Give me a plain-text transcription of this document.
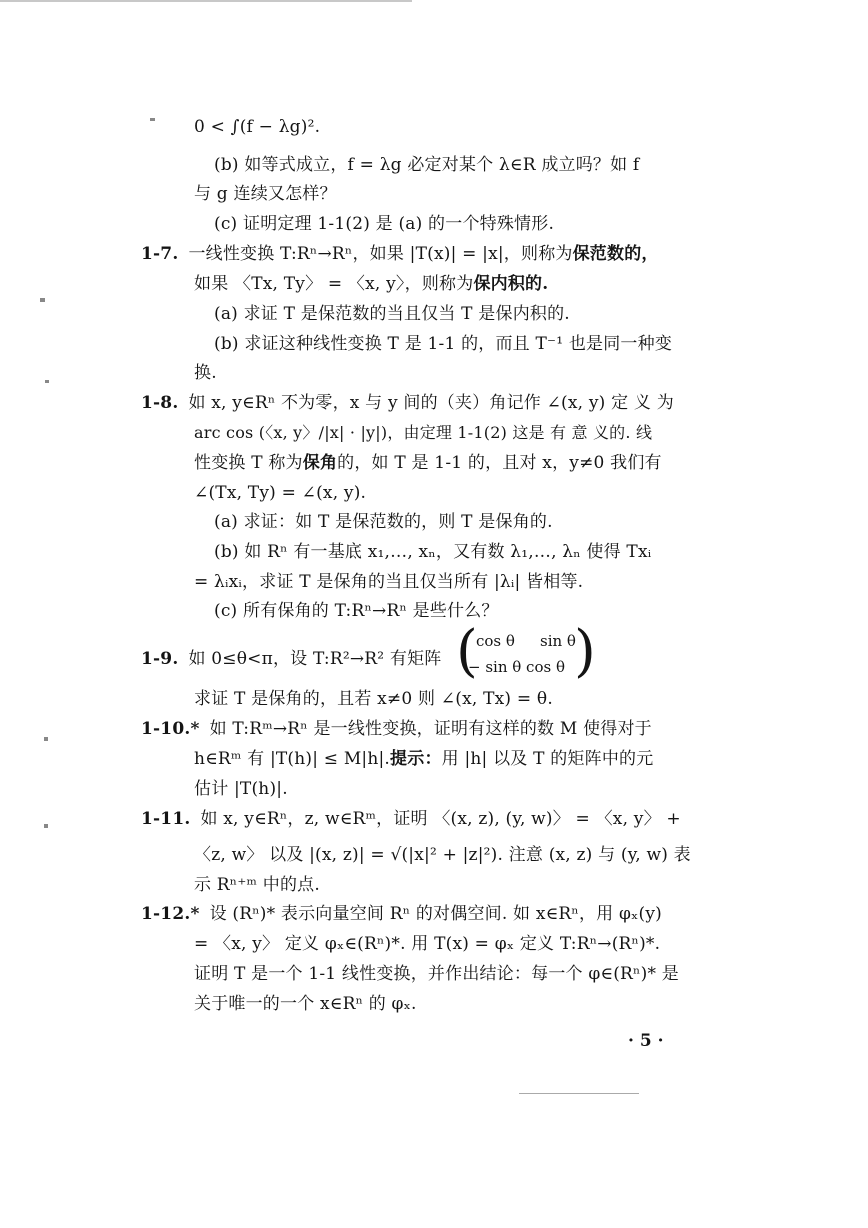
0 < ∫(f − λg)².
(b) 如等式成立，f = λg 必定对某个 λ∈R 成立吗？如 f
与 g 连续又怎样？
(c) 证明定理 1-1(2) 是 (a) 的一个特殊情形.
1-7. 一线性变换 T:Rⁿ→Rⁿ，如果 |T(x)| = |x|，则称为保范数的，
如果 〈Tx, Ty〉 = 〈x, y〉，则称为保内积的.
(a) 求证 T 是保范数的当且仅当 T 是保内积的.
(b) 求证这种线性变换 T 是 1-1 的，而且 T⁻¹ 也是同一种变
换.
1-8. 如 x, y∈Rⁿ 不为零，x 与 y 间的（夹）角记作 ∠(x, y) 定 义 为
arc cos (〈x, y〉/|x| · |y|)，由定理 1-1(2) 这是 有 意 义的. 线
性变换 T 称为保角的，如 T 是 1-1 的，且对 x，y≠0 我们有
∠(Tx, Ty) = ∠(x, y).
(a) 求证：如 T 是保范数的，则 T 是保角的.
(b) 如 Rⁿ 有一基底 x₁,…, xₙ，又有数 λ₁,…, λₙ 使得 Txᵢ
= λᵢxᵢ，求证 T 是保角的当且仅当所有 |λᵢ| 皆相等.
(c) 所有保角的 T:Rⁿ→Rⁿ 是些什么？
1-9. 如 0≤θ<π，设 T:R²→R² 有矩阵 (
cos θ sin θ
− sin θ cos θ )
求证 T 是保角的，且若 x≠0 则 ∠(x, Tx) = θ.
1-10.* 如 T:Rᵐ→Rⁿ 是一线性变换，证明有这样的数 M 使得对于
h∈Rᵐ 有 |T(h)| ≤ M|h|.提示：用 |h| 以及 T 的矩阵中的元
估计 |T(h)|.
1-11. 如 x, y∈Rⁿ，z, w∈Rᵐ，证明 〈(x, z), (y, w)〉 = 〈x, y〉 +
〈z, w〉 以及 |(x, z)| = √(|x|² + |z|²). 注意 (x, z) 与 (y, w) 表
示 Rⁿ⁺ᵐ 中的点.
1-12.* 设 (Rⁿ)* 表示向量空间 Rⁿ 的对偶空间. 如 x∈Rⁿ，用 φₓ(y)
= 〈x, y〉 定义 φₓ∈(Rⁿ)*. 用 T(x) = φₓ 定义 T:Rⁿ→(Rⁿ)*.
证明 T 是一个 1-1 线性变换，并作出结论：每一个 φ∈(Rⁿ)* 是
关于唯一的一个 x∈Rⁿ 的 φₓ.
· 5 ·
